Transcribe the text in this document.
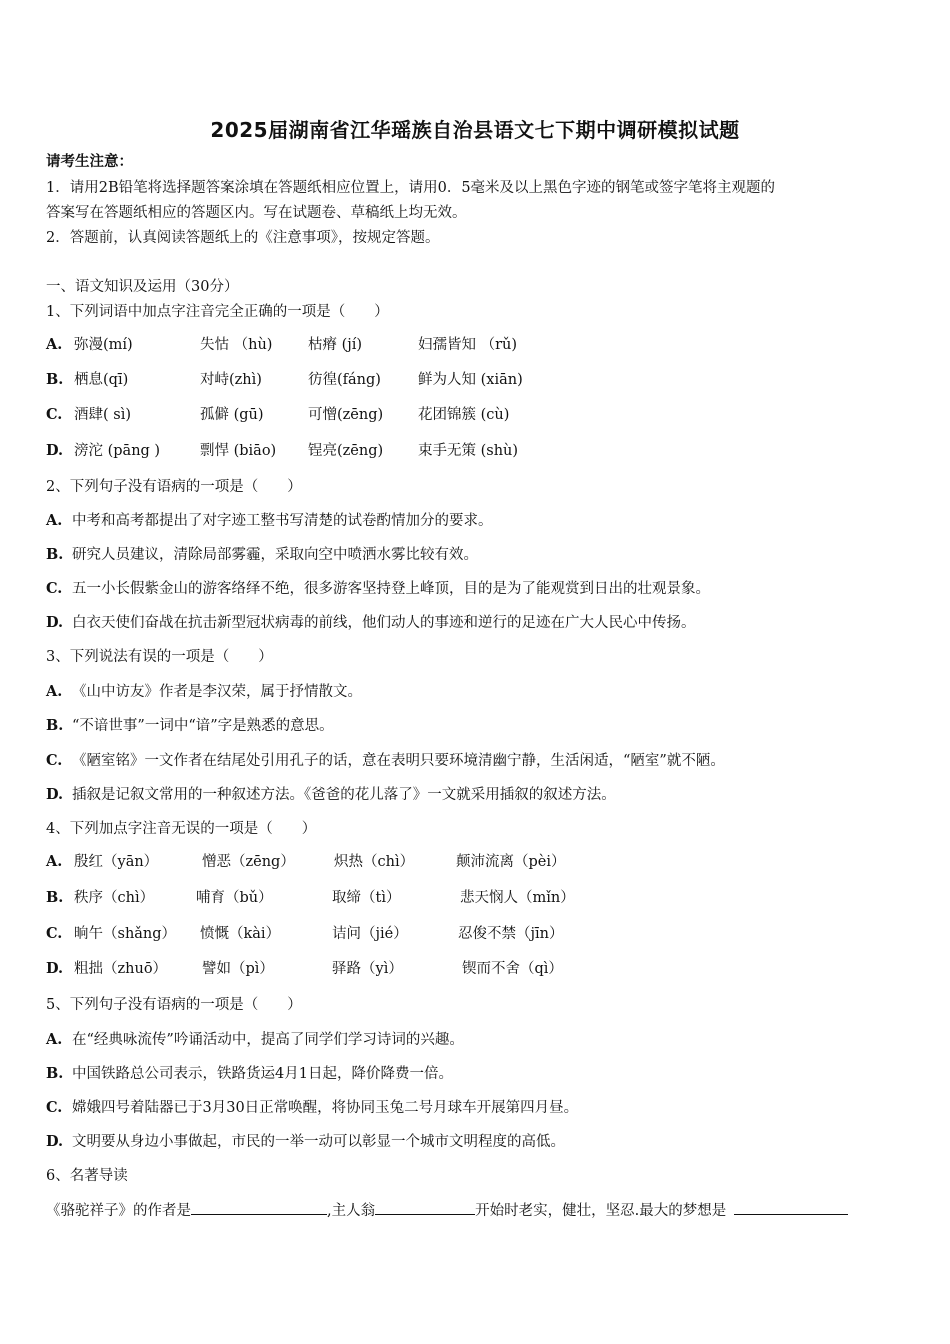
2025届湖南省江华瑶族自治县语文七下期中调研模拟试题
请考生注意：
1．请用2B铅笔将选择题答案涂填在答题纸相应位置上，请用0．5毫米及以上黑色字迹的钢笔或签字笔将主观题的
答案写在答题纸相应的答题区内。写在试题卷、草稿纸上均无效。
2．答题前，认真阅读答题纸上的《注意事项》，按规定答题。
一、语文知识及运用（30分）
1、下列词语中加点字注音完全正确的一项是（　　）
A. 弥漫(mí)	失怙 （hù) 枯瘠 (jí)	妇孺皆知 （rǔ)
B. 栖息(qī)	对峙(zhì)	彷徨(fáng)	鲜为人知 (xiān)
C. 酒肆( sì)	孤僻 (gū)	可憎(zēng) 花团锦簇 (cù)
D. 滂沱 (pāng )	剽悍 (biāo) 锃亮(zēng) 束手无策 (shù)
2、下列句子没有语病的一项是（　　）
A. 中考和高考都提出了对字迹工整书写清楚的试卷酌情加分的要求。
B. 研究人员建议，清除局部雾霾，采取向空中喷洒水雾比较有效。
C. 五一小长假紫金山的游客络绎不绝，很多游客坚持登上峰顶，目的是为了能观赏到日出的壮观景象。
D. 白衣天使们奋战在抗击新型冠状病毒的前线，他们动人的事迹和逆行的足迹在广大人民心中传扬。
3、下列说法有误的一项是（　　）
A. 《山中访友》作者是李汉荣，属于抒情散文。
B. “不谙世事”一词中“谙”字是熟悉的意思。
C. 《陋室铭》一文作者在结尾处引用孔子的话，意在表明只要环境清幽宁静，生活闲适，“陋室”就不陋。
D. 插叙是记叙文常用的一种叙述方法。《爸爸的花儿落了》一文就采用插叙的叙述方法。
4、下列加点字注音无误的一项是（　　）
A. 殷红（yān）	憎恶（zēng）	炽热（chì）	颠沛流离（pèi）
B. 秩序（chì）	哺育（bǔ）	取缔（tì）	悲天悯人（mǐn）
C. 晌午（shǎng） 愤慨（kài）	诘问（jié）	忍俊不禁（jīn）
D. 粗拙（zhuō） 譬如（pì）	驿路（yì）	锲而不舍（qì）
5、下列句子没有语病的一项是（　　）
A. 在“经典咏流传”吟诵活动中，提高了同学们学习诗词的兴趣。
B. 中国铁路总公司表示，铁路货运4月1日起，降价降费一倍。
C. 嫦娥四号着陆器已于3月30日正常唤醒，将协同玉兔二号月球车开展第四月昼。
D. 文明要从身边小事做起，市民的一举一动可以彰显一个城市文明程度的高低。
6、名著导读
《骆驼祥子》的作者是	,主人翁	开始时老实，健壮，坚忍.最大的梦想是
